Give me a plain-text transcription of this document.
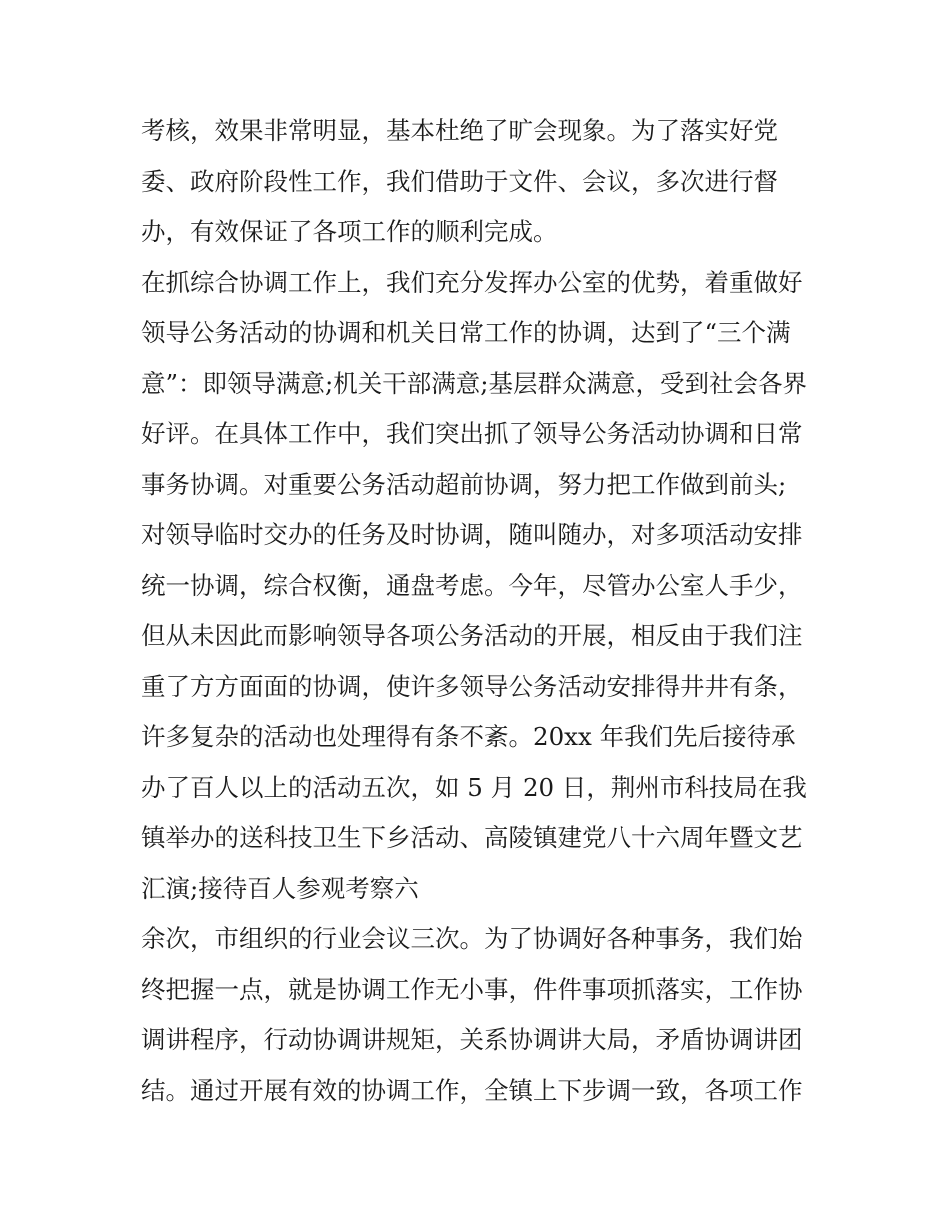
考核，效果非常明显，基本杜绝了旷会现象。为了落实好党
委、政府阶段性工作，我们借助于文件、会议，多次进行督
办，有效保证了各项工作的顺利完成。
在抓综合协调工作上，我们充分发挥办公室的优势，着重做好
领导公务活动的协调和机关日常工作的协调，达到了“三个满
意”：即领导满意;机关干部满意;基层群众满意，受到社会各界
好评。在具体工作中，我们突出抓了领导公务活动协调和日常
事务协调。对重要公务活动超前协调，努力把工作做到前头;
对领导临时交办的任务及时协调，随叫随办，对多项活动安排
统一协调，综合权衡，通盘考虑。今年，尽管办公室人手少，
但从未因此而影响领导各项公务活动的开展，相反由于我们注
重了方方面面的协调，使许多领导公务活动安排得井井有条，
许多复杂的活动也处理得有条不紊。20xx 年我们先后接待承
办了百人以上的活动五次，如 5 月 20 日，荆州市科技局在我
镇举办的送科技卫生下乡活动、高陵镇建党八十六周年暨文艺
汇演;接待百人参观考察六
余次，市组织的行业会议三次。为了协调好各种事务，我们始
终把握一点，就是协调工作无小事，件件事项抓落实，工作协
调讲程序，行动协调讲规矩，关系协调讲大局，矛盾协调讲团
结。通过开展有效的协调工作，全镇上下步调一致，各项工作
